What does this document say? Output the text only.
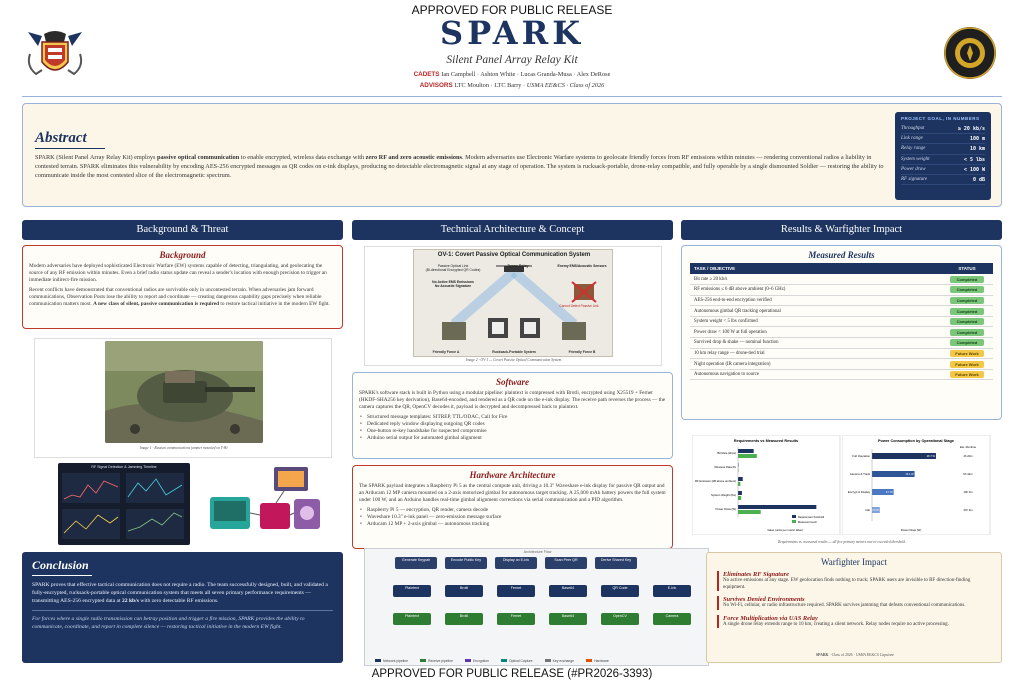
APPROVED FOR PUBLIC RELEASE
APPROVED FOR PUBLIC RELEASE (#PR2026-3393)
SPARK
Silent Panel Array Relay Kit
CADETS Ian Campbell · Ashton White · Lucas Granda-Musa · Alex DeRose
ADVISORS LTC Moulton · LTC Barry · USMA EE&CS · Class of 2026
Abstract
SPARK (Silent Panel Array Relay Kit) employs passive optical communication to enable encrypted, wireless data exchange with zero RF and zero acoustic emissions. Modern adversaries use Electronic Warfare systems to geolocate friendly forces from RF emissions within minutes — rendering conventional radios a liability in contested terrain. SPARK eliminates this vulnerability by encoding AES-256 encrypted messages as QR codes on e-ink displays, producing no detectable electromagnetic signal at any stage of operation. The system is rucksack-portable, drone-relay compatible, and fully operable by a single dismounted Soldier — restoring the ability to communicate inside the most contested slice of the electromagnetic spectrum.
PROJECT GOAL, IN NUMBERS
Throughput	≥ 20 kb/s
Link range	100 m
Relay range	10 km
System weight	< 5 lbs
Power draw	< 100 W
RF signature	0 dB
Background & Threat	Technical Architecture & Concept	Results & Warfighter Impact
Background
Modern adversaries have deployed sophisticated Electronic Warfare (EW) systems capable of detecting, triangulating, and geolocating the source of any RF emission within minutes. Even a brief radio status update can reveal a sender's location with enough precision to trigger an immediate indirect-fire mission.
Recent conflicts have demonstrated that conventional radios are survivable only in uncontested terrain. When adversaries jam forward communications, Observation Posts lose the ability to report and coordinate — creating dangerous capability gaps precisely when reliable communication matters most. A new class of silent, passive communication is required to restore tactical initiative in the modern EW fight.
Image 1 - Russian communications jammer mounted on T-80.
RF Signal Detection & Jamming Timeline
OV-1: Covert Passive Optical Communication System
Drone Relay
Passive Optical Link
(Bi-directional Encrypted QR Codes)
No Active EMS Emissions
No Acoustic Signature
Enemy EMS/Acoustic Sensors
Cannot Detect Passive Link
Friendly Force A	Rucksack-Portable System	Friendly Force B
Image 2 - OV-1 — Covert Passive Optical Communication System.
Software
SPARK's software stack is built in Python using a modular pipeline: plaintext is compressed with Brotli, encrypted using X25519 + Fernet (HKDF-SHA256 key derivation), Base64-encoded, and rendered as a QR code on the e-ink display. The receive path reverses the process — the camera captures the QR, OpenCV decodes it, payload is decrypted and decompressed back to plaintext.
• Structured message templates: SITREP, TTL/ODAC, Call for Fire
• Dedicated reply window displaying outgoing QR codes
• One-button re-key handshake for suspected compromise
• Arduino serial output for automated gimbal alignment
Hardware Architecture
The SPARK payload integrates a Raspberry Pi 5 as the central compute unit, driving a 10.3" Waveshare e-ink display for passive QR output and an Arducam 12 MP camera mounted on a 2-axis motorized gimbal for autonomous target tracking. A 25,000 mAh battery powers the full system under 100 W, and an Arduino handles real-time gimbal alignment corrections via serial communication and a PID algorithm.
• Raspberry Pi 5 — encryption, QR render, camera decode
• Waveshare 10.3" e-ink panel — zero-emission message surface
• Arducam 12 MP + 2-axis gimbal — autonomous tracking
Measured Results
TASK / OBJECTIVE	STATUS
Bit rate ≥ 20 kb/s	Completed
RF emissions ≤ 6 dB above ambient (0–6 GHz)	Completed
AES-256 end-to-end encryption verified	Completed
Autonomous gimbal QR tracking operational	Completed
System weight < 5 lbs confirmed	Completed
Power draw < 100 W at full operation	Completed
Survived drop & shake — nominal function	Completed
10 km relay range — drone-tied trial	Future Work
Night operation (IR camera integration)	Future Work
Autonomous navigation to source	Future Work
Requirements vs Measured Results
Bit Rate (kbps)
Wireless Data Rx
RF Emission (dB above ambient)
System Weight (lbs)
Power Draw (W)
Value (units per metric label)
Requirement threshold
Measured result
Power Consumption by Operational Stage
Est. Runtime
Full Operation	28.7 W	4h 20m
Camera & Track	19.1 W	6h 32m
Encrypt & Display	9.7 W	13h 0m
Idle 3.5 W	37h 0m
Power Draw (W)
Requirements vs. measured results — all five primary metrics met or exceeded threshold.
Conclusion
SPARK proves that effective tactical communication does not require a radio. The team successfully designed, built, and validated a fully-encrypted, rucksack-portable optical communication system that meets all seven primary performance requirements — transmitting AES-256 encrypted data at 22 kb/s with zero detectable RF emissions.
For forces where a single radio transmission can betray position and trigger a fire mission, SPARK provides the ability to communicate, coordinate, and report in complete silence — restoring tactical initiative in the modern EW fight.
Architecture Flow
Generate Keypair	Encode Public Key	Display on E-Ink	Scan Peer QR	Derive Shared Key
Plaintext	Brotli	Fernet	Base64	QR Code	E-Ink
Plaintext	Brotli	Fernet	Base64	OpenCV	Camera
Network pipeline	Receive pipeline	Encryption	Optical Capture	Key exchange	Hardware
Warfighter Impact
Eliminates RF Signature
No active emissions at any stage. EW geolocation finds nothing to track; SPARK users are invisible to RF direction-finding equipment.
Survives Denied Environments
No Wi-Fi, cellular, or radio infrastructure required. SPARK survives jamming that defeats conventional communications.
Force Multiplication via UAS Relay
A single drone relay extends range to 10 km, creating a silent network. Relay nodes require no active processing.
SPARK · Class of 2026 · USMA EE&CS Capstone
